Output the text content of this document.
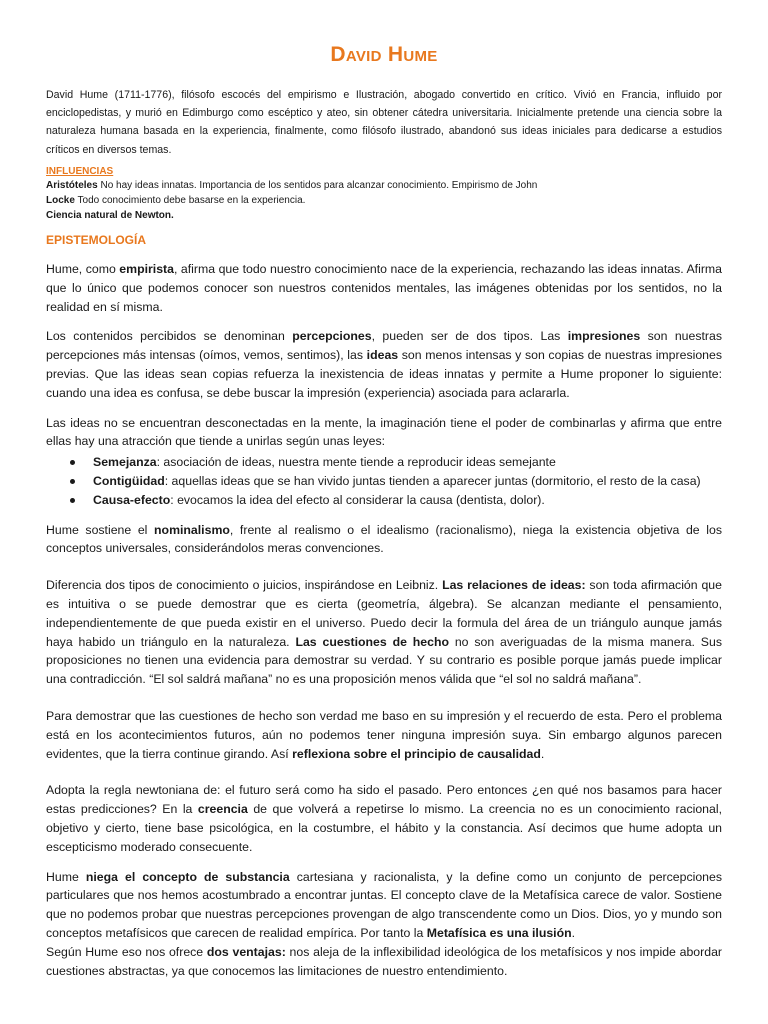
David Hume

David Hume (1711-1776), filósofo escocés del empirismo e Ilustración, abogado convertido en crítico. Vivió en Francia, influido por enciclopedistas, y murió en Edimburgo como escéptico y ateo, sin obtener cátedra universitaria. Inicialmente pretende una ciencia sobre la naturaleza humana basada en la experiencia, finalmente, como filósofo ilustrado, abandonó sus ideas iniciales para dedicarse a estudios críticos en diversos temas.

INFLUENCIAS
Aristóteles No hay ideas innatas. Importancia de los sentidos para alcanzar conocimiento. Empirismo de John
Locke Todo conocimiento debe basarse en la experiencia.
Ciencia natural de Newton.
EPISTEMOLOGÍA

Hume, como empirista, afirma que todo nuestro conocimiento nace de la experiencia, rechazando las ideas innatas. Afirma que lo único que podemos conocer son nuestros contenidos mentales, las imágenes obtenidas por los sentidos, no la realidad en sí misma.

Los contenidos percibidos se denominan percepciones, pueden ser de dos tipos. Las impresiones son nuestras percepciones más intensas (oímos, vemos, sentimos), las ideas son menos intensas y son copias de nuestras impresiones previas. Que las ideas sean copias refuerza la inexistencia de ideas innatas y permite a Hume proponer lo siguiente: cuando una idea es confusa, se debe buscar la impresión (experiencia) asociada para aclararla.

Las ideas no se encuentran desconectadas en la mente, la imaginación tiene el poder de combinarlas y afirma que entre ellas hay una atracción que tiende a unirlas según unas leyes:

Semejanza: asociación de ideas, nuestra mente tiende a reproducir ideas semejante
Contigüidad: aquellas ideas que se han vivido juntas tienden a aparecer juntas (dormitorio, el resto de la casa)
Causa-efecto: evocamos la idea del efecto al considerar la causa (dentista, dolor).

Hume sostiene el nominalismo, frente al realismo o el idealismo (racionalismo), niega la existencia objetiva de los conceptos universales, considerándolos meras convenciones.

Diferencia dos tipos de conocimiento o juicios, inspirándose en Leibniz. Las relaciones de ideas: son toda afirmación que es intuitiva o se puede demostrar que es cierta (geometría, álgebra). Se alcanzan mediante el pensamiento, independientemente de que pueda existir en el universo. Puedo decir la formula del área de un triángulo aunque jamás haya habido un triángulo en la naturaleza. Las cuestiones de hecho no son averiguadas de la misma manera. Sus proposiciones no tienen una evidencia para demostrar su verdad. Y su contrario es posible porque jamás puede implicar una contradicción. “El sol saldrá mañana” no es una proposición menos válida que “el sol no saldrá mañana”.

Para demostrar que las cuestiones de hecho son verdad me baso en su impresión y el recuerdo de esta. Pero el problema está en los acontecimientos futuros, aún no podemos tener ninguna impresión suya. Sin embargo algunos parecen evidentes, que la tierra continue girando. Así reflexiona sobre el principio de causalidad.

Adopta la regla newtoniana de: el futuro será como ha sido el pasado. Pero entonces ¿en qué nos basamos para hacer estas predicciones? En la creencia de que volverá a repetirse lo mismo. La creencia no es un conocimiento racional, objetivo y cierto, tiene base psicológica, en la costumbre, el hábito y la constancia. Así decimos que hume adopta un escepticismo moderado consecuente.

Hume niega el concepto de substancia cartesiana y racionalista, y la define como un conjunto de percepciones particulares que nos hemos acostumbrado a encontrar juntas. El concepto clave de la Metafísica carece de valor. Sostiene que no podemos probar que nuestras percepciones provengan de algo transcendente como un Dios. Dios, yo y mundo son conceptos metafísicos que carecen de realidad empírica. Por tanto la Metafísica es una ilusión.
Según Hume eso nos ofrece dos ventajas: nos aleja de la inflexibilidad ideológica de los metafísicos y nos impide abordar cuestiones abstractas, ya que conocemos las limitaciones de nuestro entendimiento.
